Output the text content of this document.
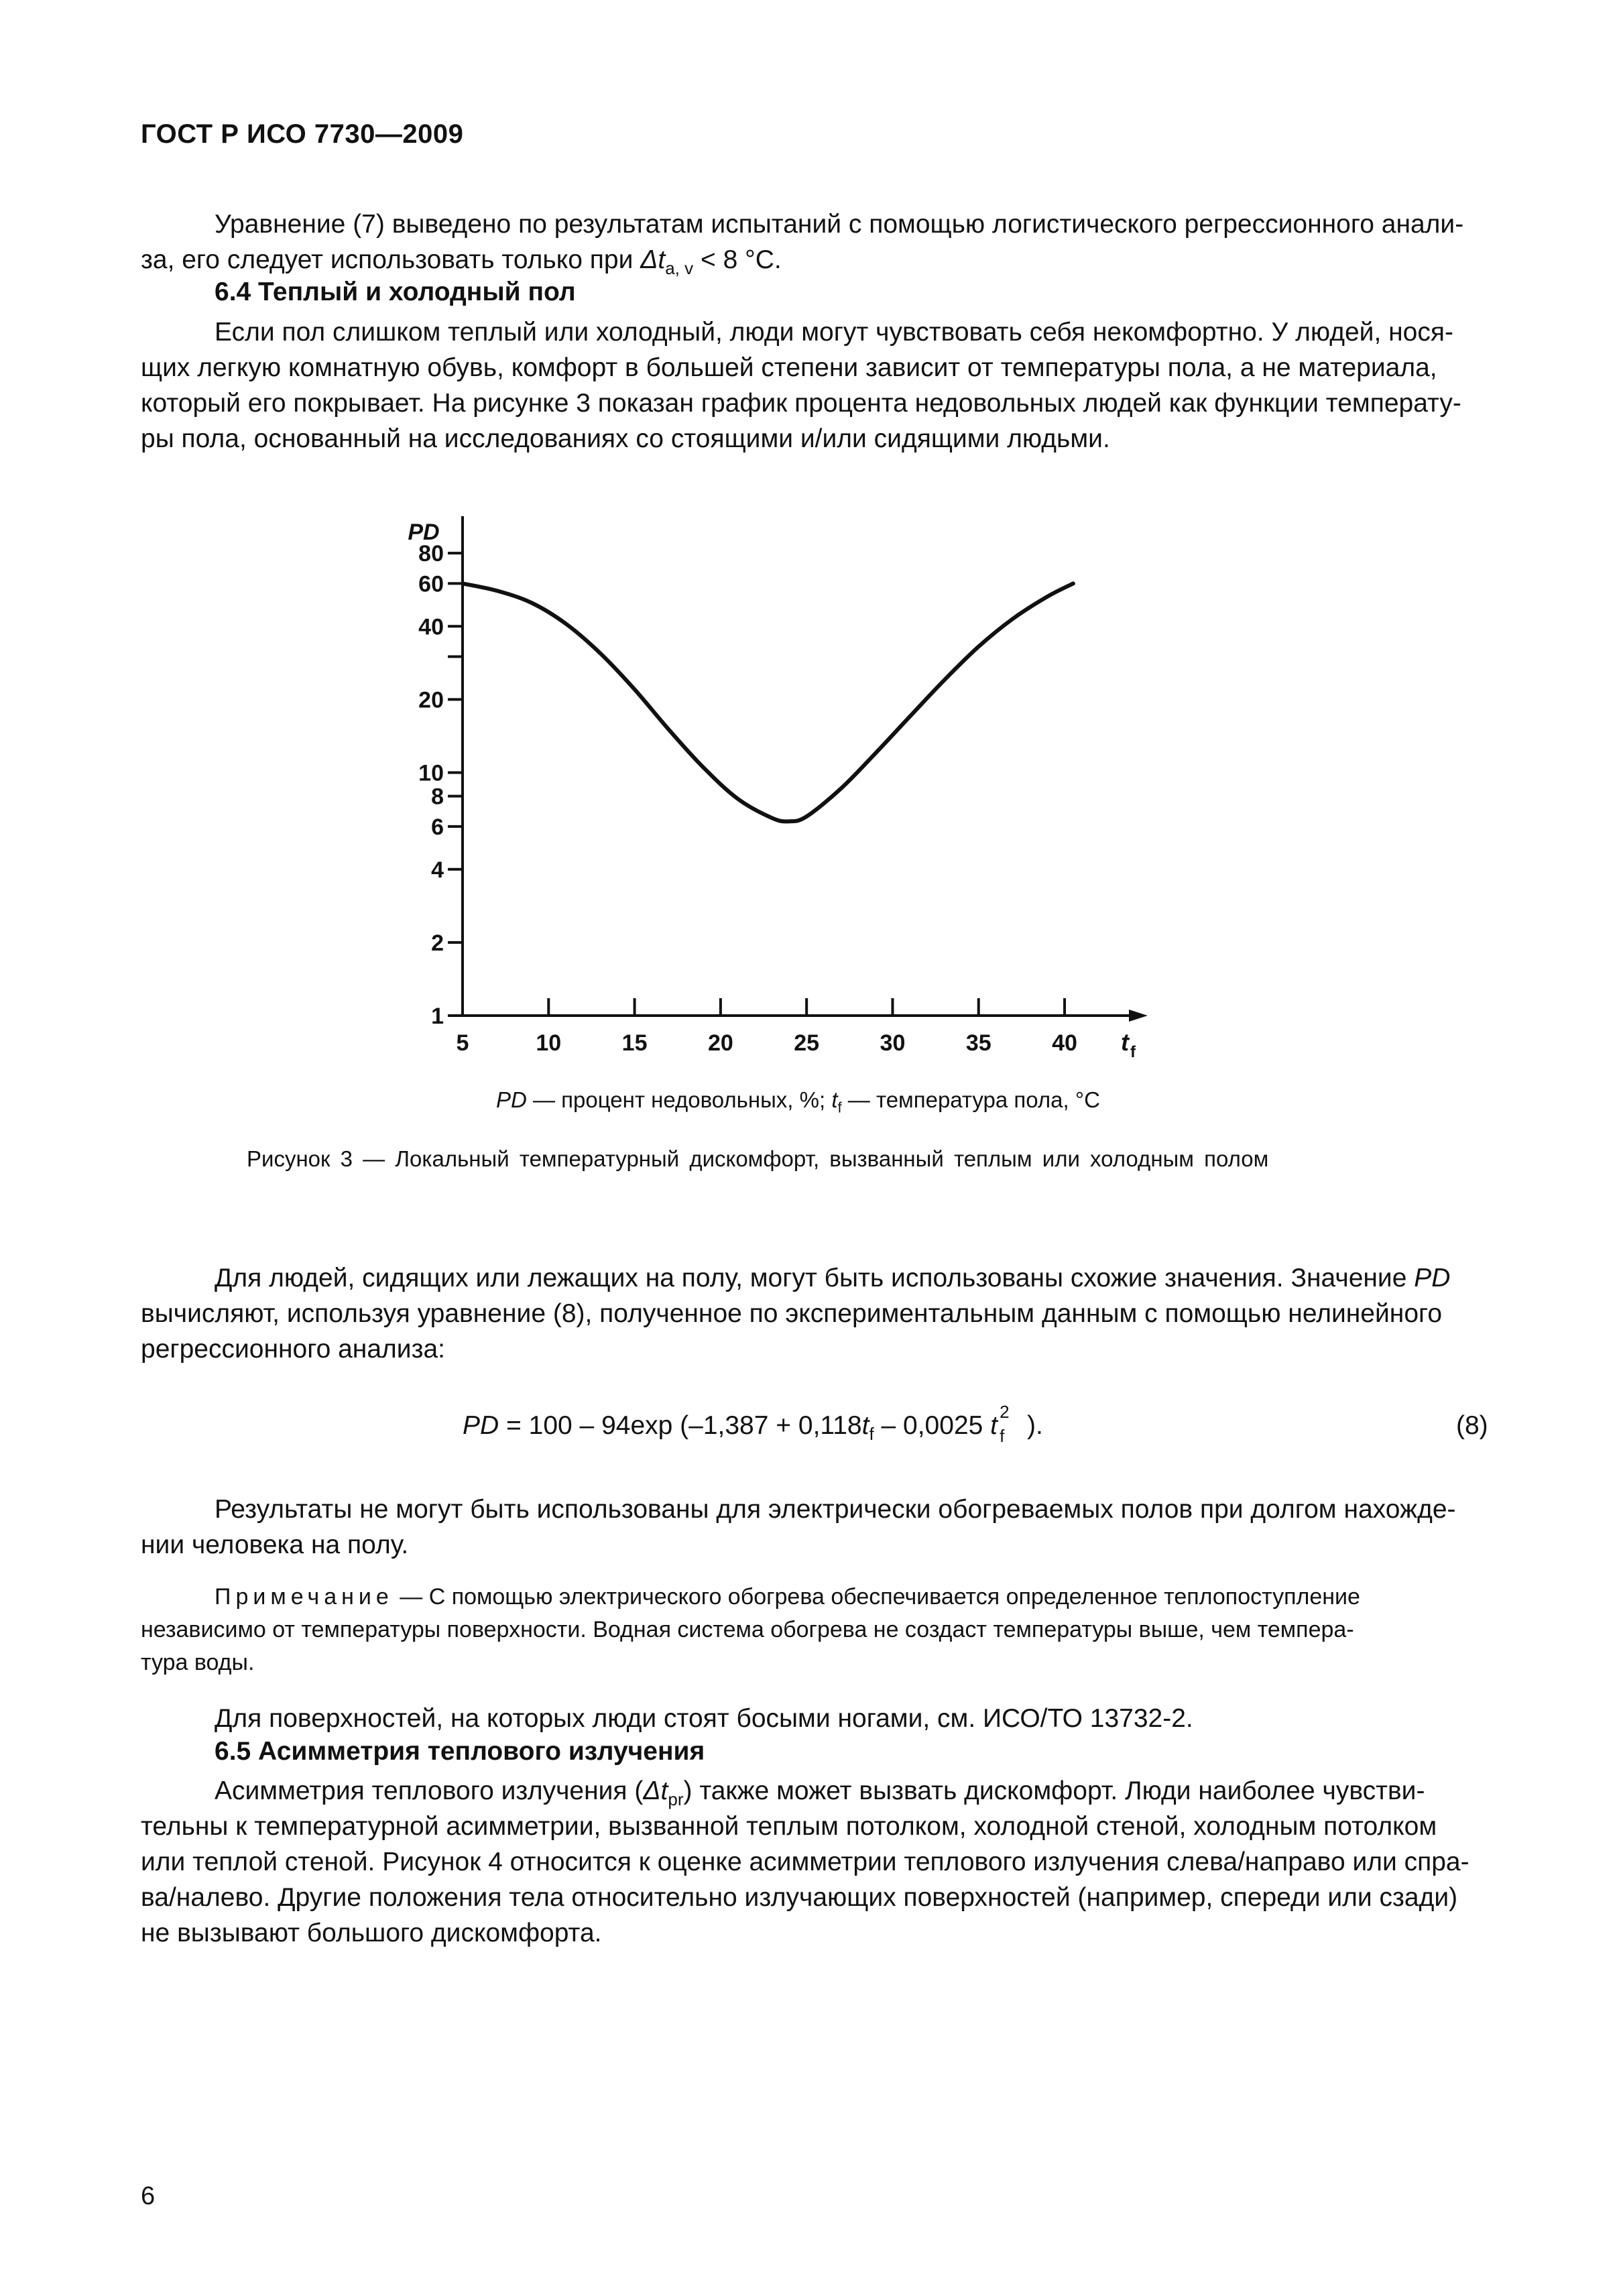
ГОСТ Р ИСО 7730—2009
Уравнение (7) выведено по результатам испытаний с помощью логистического регрессионного анали-
за, его следует использовать только при $\Delta t_{a, v} < 8$ °C.
6.4 Теплый и холодный пол
Если пол слишком теплый или холодный, люди могут чувствовать себя некомфортно. У людей, нося-
щих легкую комнатную обувь, комфорт в большей степени зависит от температуры пола, а не материала,
который его покрывает. На рисунке 3 показан график процента недовольных людей как функции температу-
ры пола, основанный на исследованиях со стоящими и/или сидящими людьми.
1
2
4
6
8
10
20
40
60
80
5	10	15	20	25	30	35	40
PD
t f
PD — процент недовольных, %; $t_f$ — температура пола, °C
Рисунок 3 — Локальный температурный дискомфорт, вызванный теплым или холодным полом
Для людей, сидящих или лежащих на полу, могут быть использованы схожие значения. Значение PD
вычисляют, используя уравнение (8), полученное по экспериментальным данным с помощью нелинейного
регрессионного анализа:
PD = 100 – 94exp ($-1,387 + 0,118t_f - 0,0025$ t 2
f ).	(8)
Результаты не могут быть использованы для электрически обогреваемых полов при долгом нахожде-
нии человека на полу.
Примечание — С помощью электрического обогрева обеспечивается определенное теплопоступление
независимо от температуры поверхности. Водная система обогрева не создаст температуры выше, чем темпера-
тура воды.
Для поверхностей, на которых люди стоят босыми ногами, см. ИСО/ТО 13732-2.
6.5 Асимметрия теплового излучения
Асимметрия теплового излучения $(\Delta t_{pr})$ также может вызвать дискомфорт. Люди наиболее чувстви-
тельны к температурной асимметрии, вызванной теплым потолком, холодной стеной, холодным потолком
или теплой стеной. Рисунок 4 относится к оценке асимметрии теплового излучения слева/направо или спра-
ва/налево. Другие положения тела относительно излучающих поверхностей (например, спереди или сзади)
не вызывают большого дискомфорта.
6
